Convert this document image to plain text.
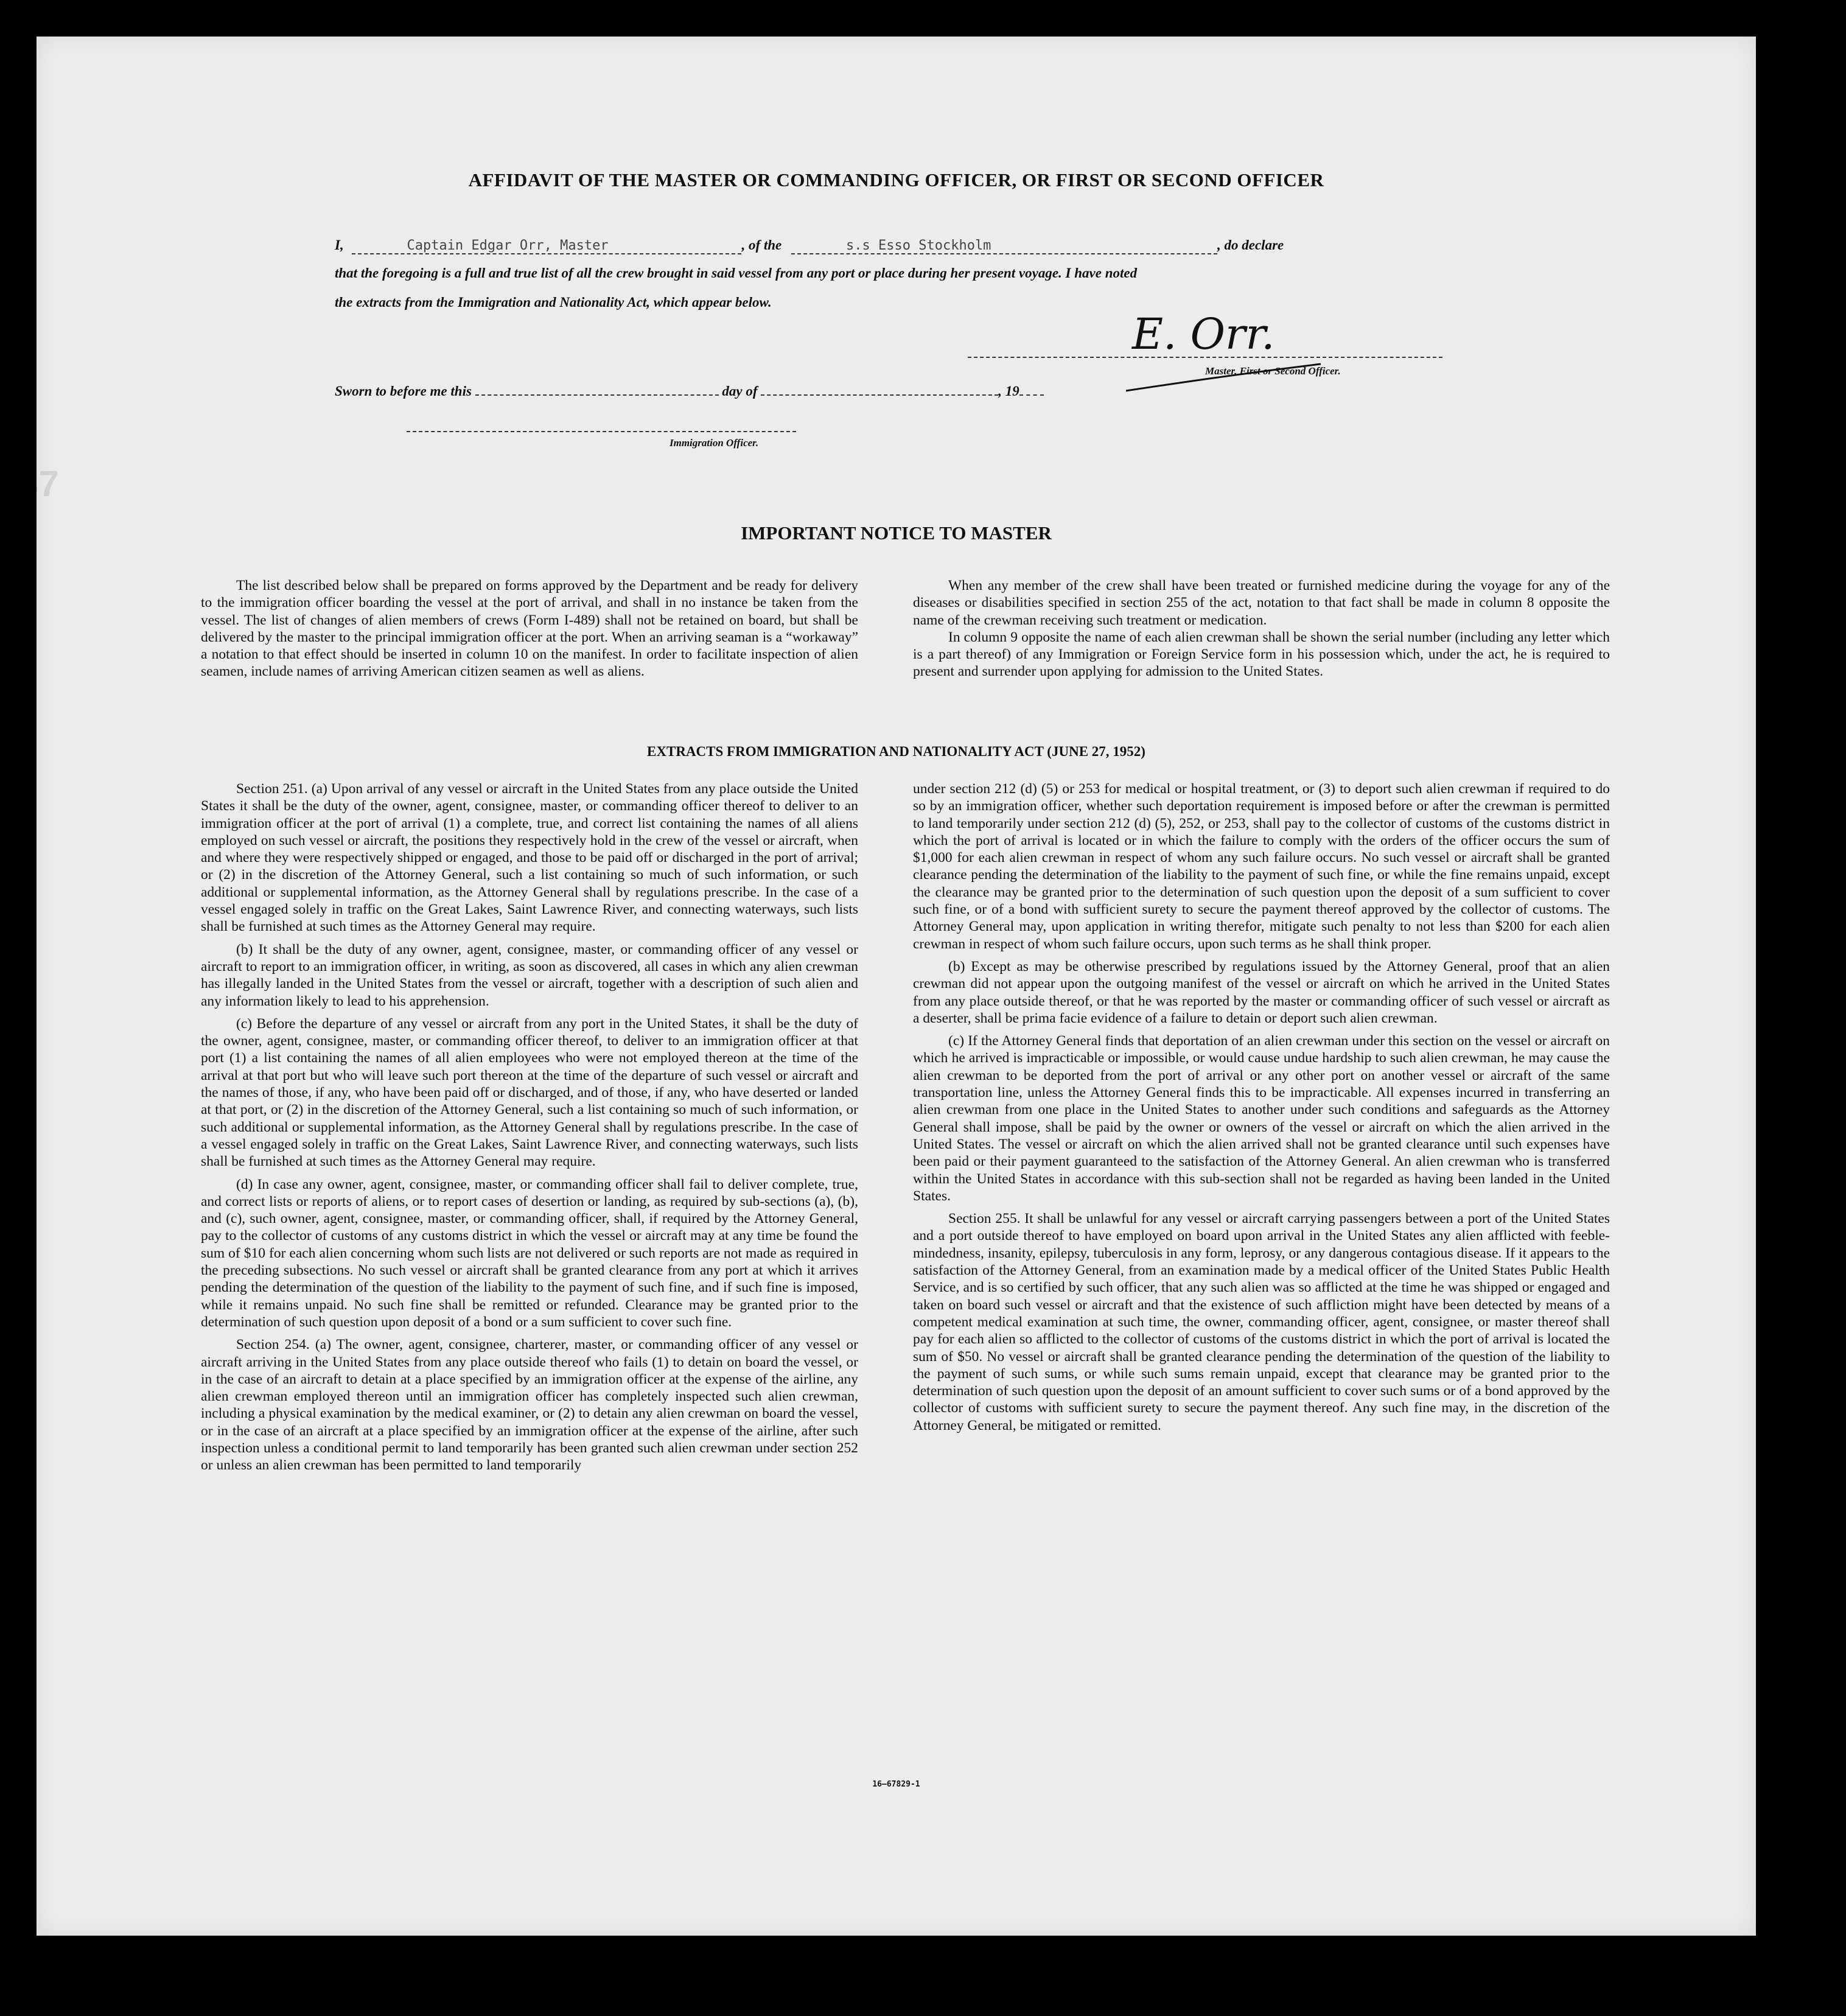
37
AFFIDAVIT OF THE MASTER OR COMMANDING OFFICER, OR FIRST OR SECOND OFFICER
I,	Captain Edgar Orr, Master	, of the	s.s Esso Stockholm	, do declare
that the foregoing is a full and true list of all the crew brought in said vessel from any port or place during her present voyage. I have noted
the extracts from the Immigration and Nationality Act, which appear below.
E. Orr.
Master, First or Second Officer.
Sworn to before me this	day of	, 19
Immigration Officer.
IMPORTANT NOTICE TO MASTER

The list described below shall be prepared on forms approved by the Department and be ready for delivery to the immigration officer boarding the vessel at the port of arrival, and shall in no instance be taken from the vessel. The list of changes of alien members of crews (Form I-489) shall not be retained on board, but shall be delivered by the master to the principal immigration officer at the port. When an arriving seaman is a “workaway” a notation to that effect should be inserted in column 10 on the manifest. In order to facilitate inspection of alien seamen, include names of arriving American citizen seamen as well as aliens.

When any member of the crew shall have been treated or furnished medicine during the voyage for any of the diseases or disabilities specified in section 255 of the act, notation to that fact shall be made in column 8 opposite the name of the crewman receiving such treatment or medication.

In column 9 opposite the name of each alien crewman shall be shown the serial number (including any letter which is a part thereof) of any Immigration or Foreign Service form in his possession which, under the act, he is required to present and surrender upon applying for admission to the United States.

EXTRACTS FROM IMMIGRATION AND NATIONALITY ACT (JUNE 27, 1952)

Section 251. (a) Upon arrival of any vessel or aircraft in the United States from any place outside the United States it shall be the duty of the owner, agent, consignee, master, or commanding officer thereof to deliver to an immigration officer at the port of arrival (1) a complete, true, and correct list containing the names of all aliens employed on such vessel or aircraft, the positions they respectively hold in the crew of the vessel or aircraft, when and where they were respectively shipped or engaged, and those to be paid off or discharged in the port of arrival; or (2) in the discretion of the Attorney General, such a list containing so much of such information, or such additional or supplemental information, as the Attorney General shall by regulations prescribe. In the case of a vessel engaged solely in traffic on the Great Lakes, Saint Lawrence River, and connecting waterways, such lists shall be furnished at such times as the Attorney General may require.

(b) It shall be the duty of any owner, agent, consignee, master, or commanding officer of any vessel or aircraft to report to an immigration officer, in writing, as soon as discovered, all cases in which any alien crewman has illegally landed in the United States from the vessel or aircraft, together with a description of such alien and any information likely to lead to his apprehension.

(c) Before the departure of any vessel or aircraft from any port in the United States, it shall be the duty of the owner, agent, consignee, master, or commanding officer thereof, to deliver to an immigration officer at that port (1) a list containing the names of all alien employees who were not employed thereon at the time of the arrival at that port but who will leave such port thereon at the time of the departure of such vessel or aircraft and the names of those, if any, who have been paid off or discharged, and of those, if any, who have deserted or landed at that port, or (2) in the discretion of the Attorney General, such a list containing so much of such information, or such additional or supplemental information, as the Attorney General shall by regulations prescribe. In the case of a vessel engaged solely in traffic on the Great Lakes, Saint Lawrence River, and connecting waterways, such lists shall be furnished at such times as the Attorney General may require.

(d) In case any owner, agent, consignee, master, or commanding officer shall fail to deliver complete, true, and correct lists or reports of aliens, or to report cases of desertion or landing, as required by sub-sections (a), (b), and (c), such owner, agent, consignee, master, or commanding officer, shall, if required by the Attorney General, pay to the collector of customs of any customs district in which the vessel or aircraft may at any time be found the sum of $10 for each alien concerning whom such lists are not delivered or such reports are not made as required in the preceding subsections. No such vessel or aircraft shall be granted clearance from any port at which it arrives pending the determination of the question of the liability to the payment of such fine, and if such fine is imposed, while it remains unpaid. No such fine shall be remitted or refunded. Clearance may be granted prior to the determination of such question upon deposit of a bond or a sum sufficient to cover such fine.

Section 254. (a) The owner, agent, consignee, charterer, master, or commanding officer of any vessel or aircraft arriving in the United States from any place outside thereof who fails (1) to detain on board the vessel, or in the case of an aircraft to detain at a place specified by an immigration officer at the expense of the airline, any alien crewman employed thereon until an immigration officer has completely inspected such alien crewman, including a physical examination by the medical examiner, or (2) to detain any alien crewman on board the vessel, or in the case of an aircraft at a place specified by an immigration officer at the expense of the airline, after such inspection unless a conditional permit to land temporarily has been granted such alien crewman under section 252 or unless an alien crewman has been permitted to land temporarily

under section 212 (d) (5) or 253 for medical or hospital treatment, or (3) to deport such alien crewman if required to do so by an immigration officer, whether such deportation requirement is imposed before or after the crewman is permitted to land temporarily under section 212 (d) (5), 252, or 253, shall pay to the collector of customs of the customs district in which the port of arrival is located or in which the failure to comply with the orders of the officer occurs the sum of $1,000 for each alien crewman in respect of whom any such failure occurs. No such vessel or aircraft shall be granted clearance pending the determination of the liability to the payment of such fine, or while the fine remains unpaid, except the clearance may be granted prior to the determination of such question upon the deposit of a sum sufficient to cover such fine, or of a bond with sufficient surety to secure the payment thereof approved by the collector of customs. The Attorney General may, upon application in writing therefor, mitigate such penalty to not less than $200 for each alien crewman in respect of whom such failure occurs, upon such terms as he shall think proper.

(b) Except as may be otherwise prescribed by regulations issued by the Attorney General, proof that an alien crewman did not appear upon the outgoing manifest of the vessel or aircraft on which he arrived in the United States from any place outside thereof, or that he was reported by the master or commanding officer of such vessel or aircraft as a deserter, shall be prima facie evidence of a failure to detain or deport such alien crewman.

(c) If the Attorney General finds that deportation of an alien crewman under this section on the vessel or aircraft on which he arrived is impracticable or impossible, or would cause undue hardship to such alien crewman, he may cause the alien crewman to be deported from the port of arrival or any other port on another vessel or aircraft of the same transportation line, unless the Attorney General finds this to be impracticable. All expenses incurred in transferring an alien crewman from one place in the United States to another under such conditions and safeguards as the Attorney General shall impose, shall be paid by the owner or owners of the vessel or aircraft on which the alien arrived in the United States. The vessel or aircraft on which the alien arrived shall not be granted clearance until such expenses have been paid or their payment guaranteed to the satisfaction of the Attorney General. An alien crewman who is transferred within the United States in accordance with this sub-section shall not be regarded as having been landed in the United States.

Section 255. It shall be unlawful for any vessel or aircraft carrying passengers between a port of the United States and a port outside thereof to have employed on board upon arrival in the United States any alien afflicted with feeble-mindedness, insanity, epilepsy, tuberculosis in any form, leprosy, or any dangerous contagious disease. If it appears to the satisfaction of the Attorney General, from an examination made by a medical officer of the United States Public Health Service, and is so certified by such officer, that any such alien was so afflicted at the time he was shipped or engaged and taken on board such vessel or aircraft and that the existence of such affliction might have been detected by means of a competent medical examination at such time, the owner, commanding officer, agent, consignee, or master thereof shall pay for each alien so afflicted to the collector of customs of the customs district in which the port of arrival is located the sum of $50. No vessel or aircraft shall be granted clearance pending the determination of the question of the liability to the payment of such sums, or while such sums remain unpaid, except that clearance may be granted prior to the determination of such question upon the deposit of an amount sufficient to cover such sums or of a bond approved by the collector of customs with sufficient surety to secure the payment thereof. Any such fine may, in the discretion of the Attorney General, be mitigated or remitted.

16—67829-1
